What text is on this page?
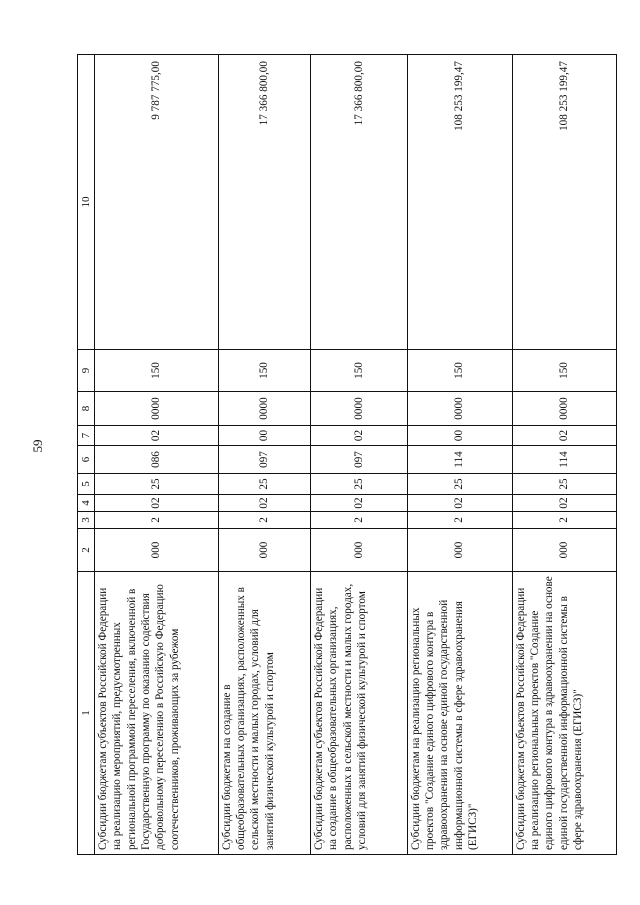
59
1	2	3	4	5	6	7	8	9	10
Субсидии бюджетам субъектов Российской Федерации на реализацию мероприятий, предусмотренных региональной программой переселения, включенной в Государственную программу по оказанию содействия добровольному переселению в Российскую Федерацию соотечественников, проживающих за рубежом	000	2	02	25	086	02	0000	150	9 787 775,00
Субсидии бюджетам на создание в общеобразовательных организациях, расположенных в сельской местности и малых городах, условий для занятий физической культурой и спортом	000	2	02	25	097	00	0000	150	17 366 800,00
Субсидии бюджетам субъектов Российской Федерации на создание в общеобразовательных организациях, расположенных в сельской местности и малых городах, условий для занятий физической культурой и спортом	000	2	02	25	097	02	0000	150	17 366 800,00
Субсидии бюджетам на реализацию региональных проектов "Создание единого цифрового контура в здравоохранении на основе единой государственной информационной системы в сфере здравоохранения (ЕГИСЗ)"	000	2	02	25	114	00	0000	150	108 253 199,47
Субсидии бюджетам субъектов Российской Федерации на реализацию региональных проектов "Создание единого цифрового контура в здравоохранении на основе единой государственной информационной системы в сфере здравоохранения (ЕГИСЗ)"	000	2	02	25	114	02	0000	150	108 253 199,47
